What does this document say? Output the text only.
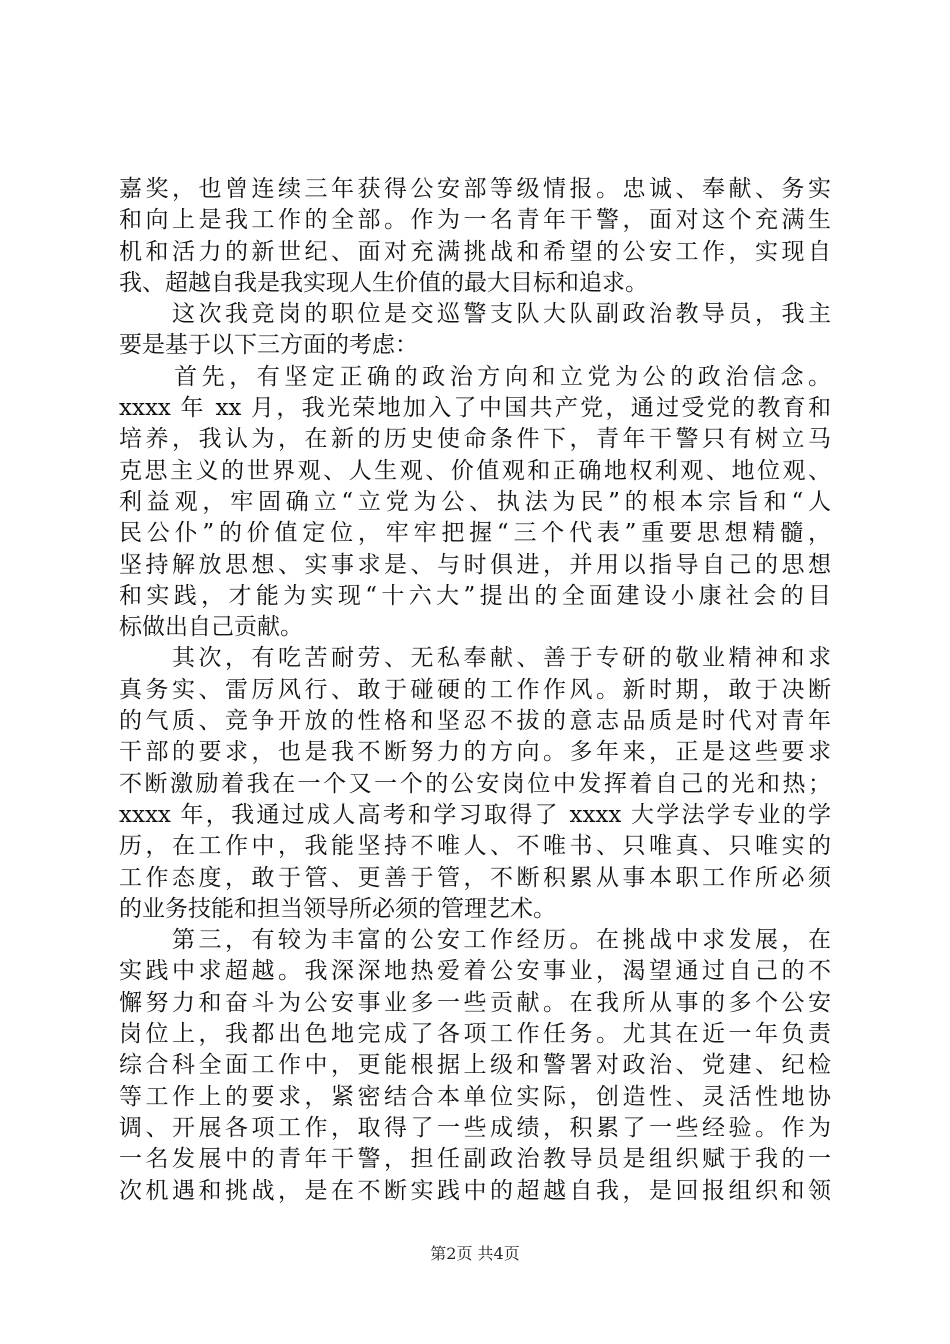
嘉奖，也曾连续三年获得公安部等级情报。忠诚、奉献、务实
和向上是我工作的全部。作为一名青年干警，面对这个充满生
机和活力的新世纪、面对充满挑战和希望的公安工作，实现自
我、超越自我是我实现人生价值的最大目标和追求。
　　这次我竞岗的职位是交巡警支队大队副政治教导员，我主
要是基于以下三方面的考虑：
　　首先，有坚定正确的政治方向和立党为公的政治信念。
xxxx 年 xx 月，我光荣地加入了中国共产党，通过受党的教育和
培养，我认为，在新的历史使命条件下，青年干警只有树立马
克思主义的世界观、人生观、价值观和正确地权利观、地位观、
利益观，牢固确立“立党为公、执法为民”的根本宗旨和“人
民公仆”的价值定位，牢牢把握“三个代表”重要思想精髓，
坚持解放思想、实事求是、与时俱进，并用以指导自己的思想
和实践，才能为实现“十六大”提出的全面建设小康社会的目
标做出自己贡献。
　　其次，有吃苦耐劳、无私奉献、善于专研的敬业精神和求
真务实、雷厉风行、敢于碰硬的工作作风。新时期，敢于决断
的气质、竞争开放的性格和坚忍不拔的意志品质是时代对青年
干部的要求，也是我不断努力的方向。多年来，正是这些要求
不断激励着我在一个又一个的公安岗位中发挥着自己的光和热；
xxxx 年，我通过成人高考和学习取得了 xxxx 大学法学专业的学
历，在工作中，我能坚持不唯人、不唯书、只唯真、只唯实的
工作态度，敢于管、更善于管，不断积累从事本职工作所必须
的业务技能和担当领导所必须的管理艺术。
　　第三，有较为丰富的公安工作经历。在挑战中求发展，在
实践中求超越。我深深地热爱着公安事业，渴望通过自己的不
懈努力和奋斗为公安事业多一些贡献。在我所从事的多个公安
岗位上，我都出色地完成了各项工作任务。尤其在近一年负责
综合科全面工作中，更能根据上级和警署对政治、党建、纪检
等工作上的要求，紧密结合本单位实际，创造性、灵活性地协
调、开展各项工作，取得了一些成绩，积累了一些经验。作为
一名发展中的青年干警，担任副政治教导员是组织赋于我的一
次机遇和挑战，是在不断实践中的超越自我，是回报组织和领
第2页 共4页
